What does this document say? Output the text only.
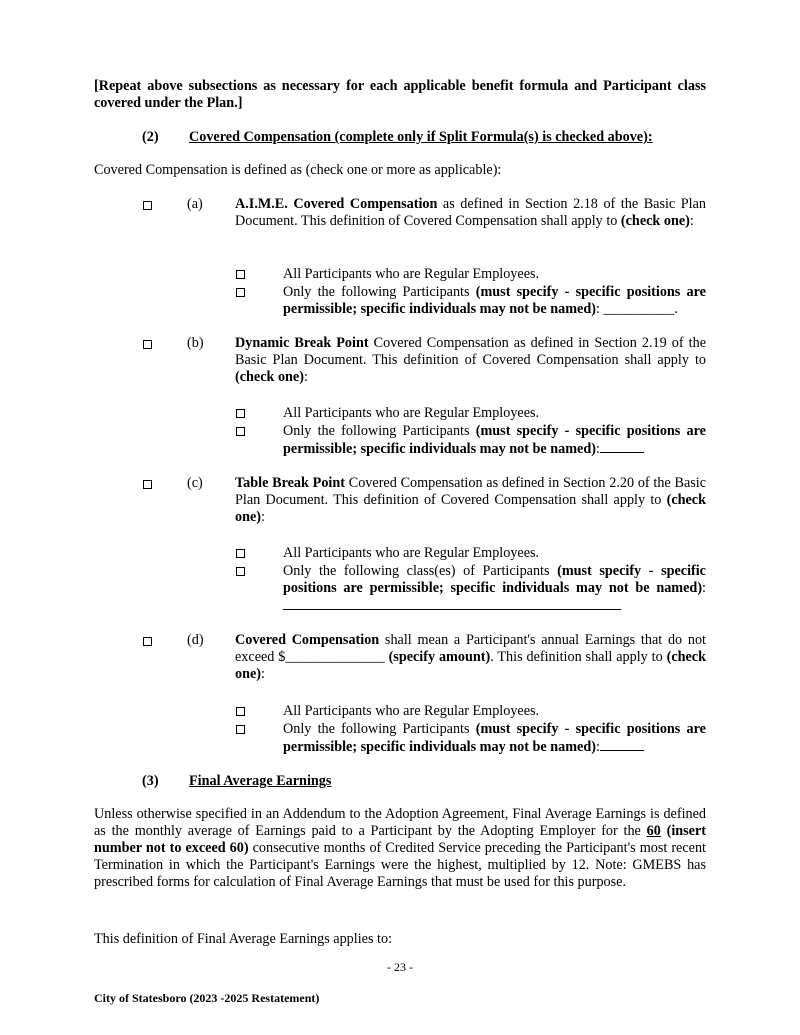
[Repeat above subsections as necessary for each applicable benefit formula and Participant class covered under the Plan.]
(2) Covered Compensation (complete only if Split Formula(s) is checked above):
Covered Compensation is defined as (check one or more as applicable):
(a) A.I.M.E. Covered Compensation as defined in Section 2.18 of the Basic Plan Document. This definition of Covered Compensation shall apply to (check one):
All Participants who are Regular Employees.
Only the following Participants (must specify - specific positions are permissible; specific individuals may not be named): __________.
(b) Dynamic Break Point Covered Compensation as defined in Section 2.19 of the Basic Plan Document. This definition of Covered Compensation shall apply to (check one):
All Participants who are Regular Employees.
Only the following Participants (must specify - specific positions are permissible; specific individuals may not be named):
(c) Table Break Point Covered Compensation as defined in Section 2.20 of the Basic Plan Document. This definition of Covered Compensation shall apply to (check one):
All Participants who are Regular Employees.
Only the following class(es) of Participants (must specify - specific positions are permissible; specific individuals may not be named):
(d) Covered Compensation shall mean a Participant's annual Earnings that do not exceed $______________ (specify amount). This definition shall apply to (check one):
All Participants who are Regular Employees.
Only the following Participants (must specify - specific positions are permissible; specific individuals may not be named):
(3) Final Average Earnings
Unless otherwise specified in an Addendum to the Adoption Agreement, Final Average Earnings is defined as the monthly average of Earnings paid to a Participant by the Adopting Employer for the 60 (insert number not to exceed 60) consecutive months of Credited Service preceding the Participant's most recent Termination in which the Participant's Earnings were the highest, multiplied by 12. Note: GMEBS has prescribed forms for calculation of Final Average Earnings that must be used for this purpose.
This definition of Final Average Earnings applies to:
- 23 -
City of Statesboro (2023 -2025 Restatement)
